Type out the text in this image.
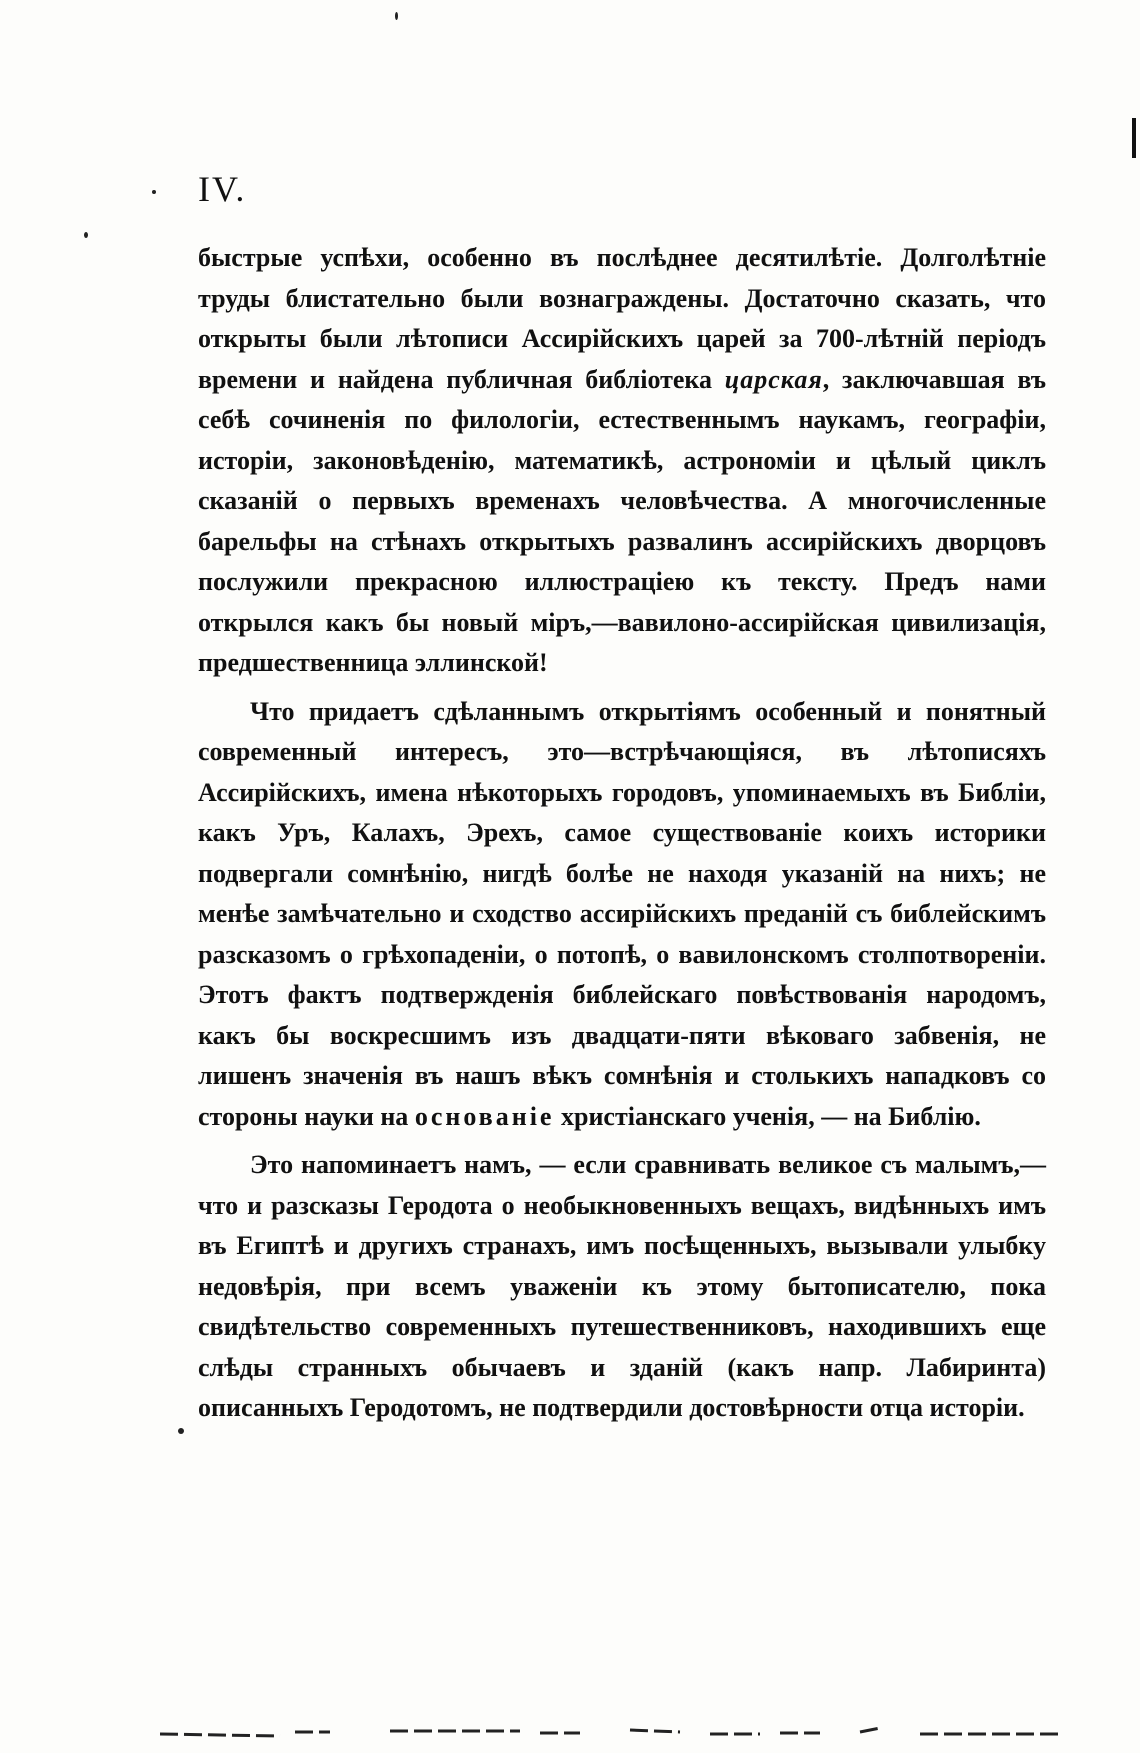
IV.

быстрые успѣхи, особенно въ послѣднее десятилѣтіе. Долголѣтніе труды блистательно были вознаграждены. Достаточно сказать, что открыты были лѣтописи Ассирійскихъ царей за 700-лѣтній періодъ времени и найдена публичная библіотека царская, заключавшая въ себѣ сочиненія по филологіи, естественнымъ наукамъ, географіи, исторіи, законовѣденію, математикѣ, астрономіи и цѣлый циклъ сказаній о первыхъ временахъ человѣчества. А многочисленные барельфы на стѣнахъ открытыхъ развалинъ ассирійскихъ дворцовъ послужили прекрасною иллюстраціею къ тексту. Предъ нами открылся какъ бы новый міръ,—вавилоно-ассирійская цивилизація, предшественница эллинской!

Что придаетъ сдѣланнымъ открытіямъ особенный и понятный современный интересъ, это—встрѣчающіяся, въ лѣтописяхъ Ассирійскихъ, имена нѣкоторыхъ городовъ, упоминаемыхъ въ Библіи, какъ Уръ, Калахъ, Эрехъ, самое существованіе коихъ историки подвергали сомнѣнію, нигдѣ болѣе не находя указаній на нихъ; не менѣе замѣчательно и сходство ассирійскихъ преданій съ библейскимъ разсказомъ о грѣхопаденіи, о потопѣ, о вавилонскомъ столпотвореніи. Этотъ фактъ подтвержденія библейскаго повѣствованія народомъ, какъ бы воскресшимъ изъ двадцати-пяти вѣковаго забвенія, не лишенъ значенія въ нашъ вѣкъ сомнѣнія и столькихъ нападковъ со стороны науки на основаніе христіанскаго ученія, — на Библію.

Это напоминаетъ намъ, — если сравнивать великое съ малымъ,—что и разсказы Геродота о необыкновенныхъ вещахъ, видѣнныхъ имъ въ Египтѣ и другихъ странахъ, имъ посѣщенныхъ, вызывали улыбку недовѣрія, при всемъ уваженіи къ этому бытописателю, пока свидѣтельство современныхъ путешественниковъ, находившихъ еще слѣды странныхъ обычаевъ и зданій (какъ напр. Лабиринта) описанныхъ Геродотомъ, не подтвердили достовѣрности отца исторіи.
